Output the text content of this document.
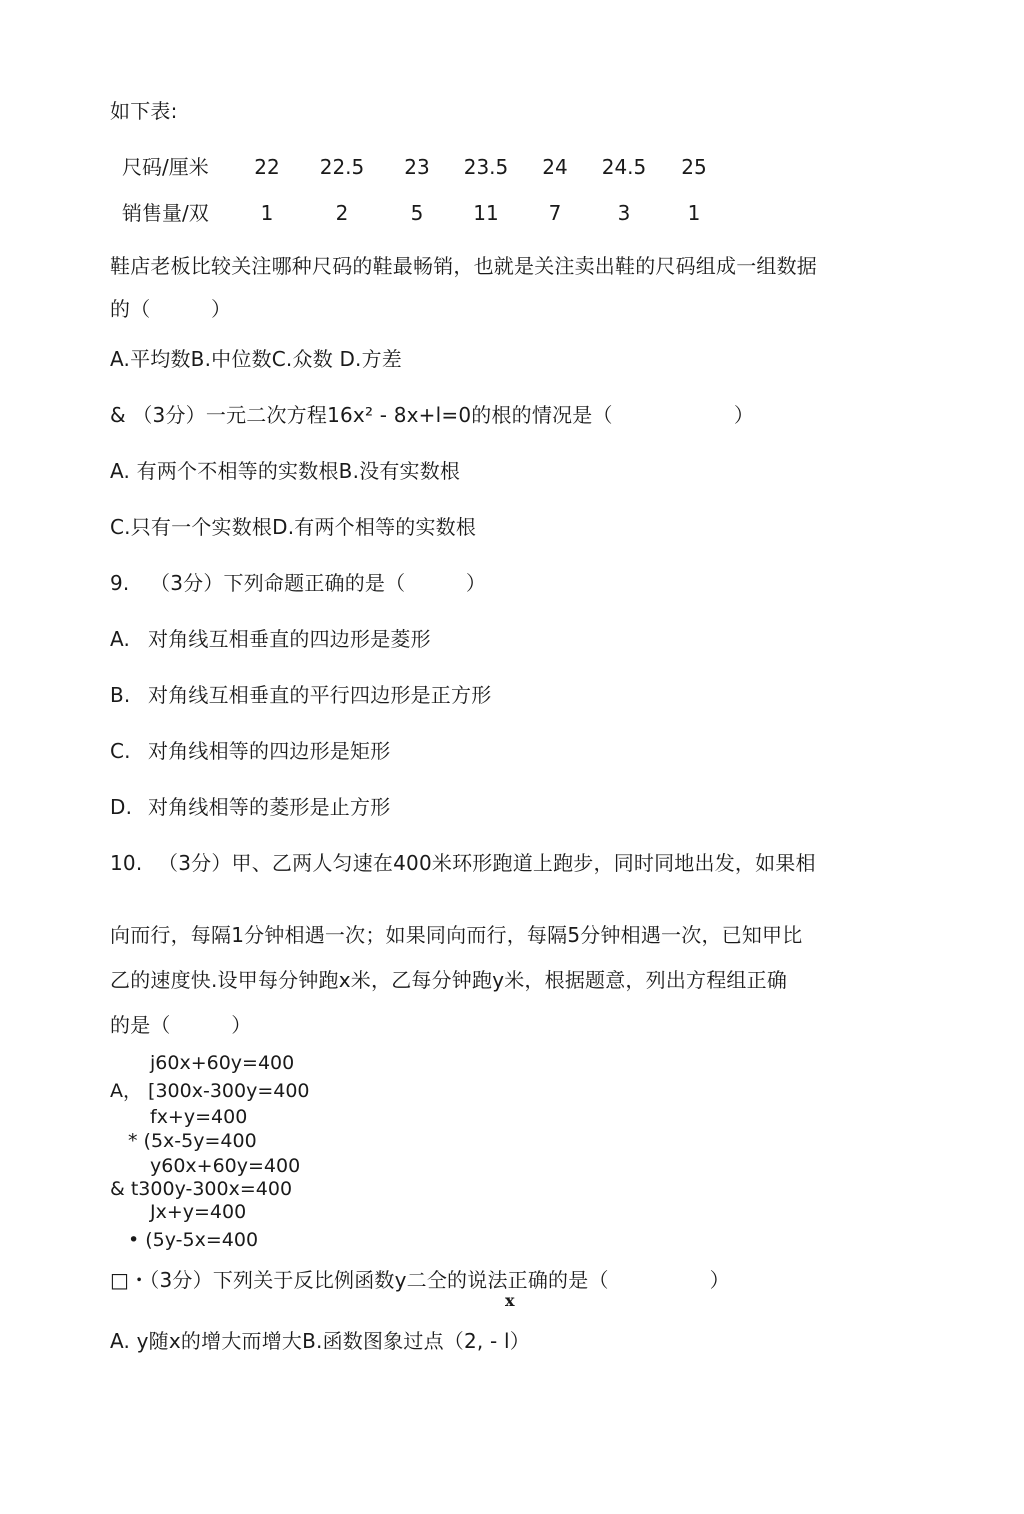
如下表:
尺码/厘米	22	22.5	23	23.5	24	24.5	25
销售量/双	1	2	5	11	7	3	1
鞋店老板比较关注哪种尺码的鞋最畅销，也就是关注卖出鞋的尺码组成一组数据
的（　　　）
A.平均数B.中位数C.众数 D.方差
& （3分）一元二次方程16x² - 8x+l=0的根的情况是（　　　　　　）
A. 有两个不相等的实数根B.没有实数根
C.只有一个实数根D.有两个相等的实数根
9. （3分）下列命题正确的是（　　　）
A. 对角线互相垂直的四边形是菱形
B. 对角线互相垂直的平行四边形是正方形
C. 对角线相等的四边形是矩形
D. 对角线相等的菱形是止方形
10. （3分）甲、乙两人匀速在400米环形跑道上跑步，同时同地出发，如果相
向而行，每隔1分钟相遇一次；如果同向而行，每隔5分钟相遇一次，已知甲比
乙的速度快.设甲每分钟跑x米，乙每分钟跑y米，根据题意，列出方程组正确
的是（　　　）
j60x+60y=400
A， [300x-300y=400
fx+y=400
* (5x-5y=400
y60x+60y=400
& t300y-300x=400
Jx+y=400
• (5y-5x=400
□・（3分）下列关于反比例函数y二仝的说法正确的是（　　　　　）
x
A. y随x的增大而增大B.函数图象过点（2, - l）
